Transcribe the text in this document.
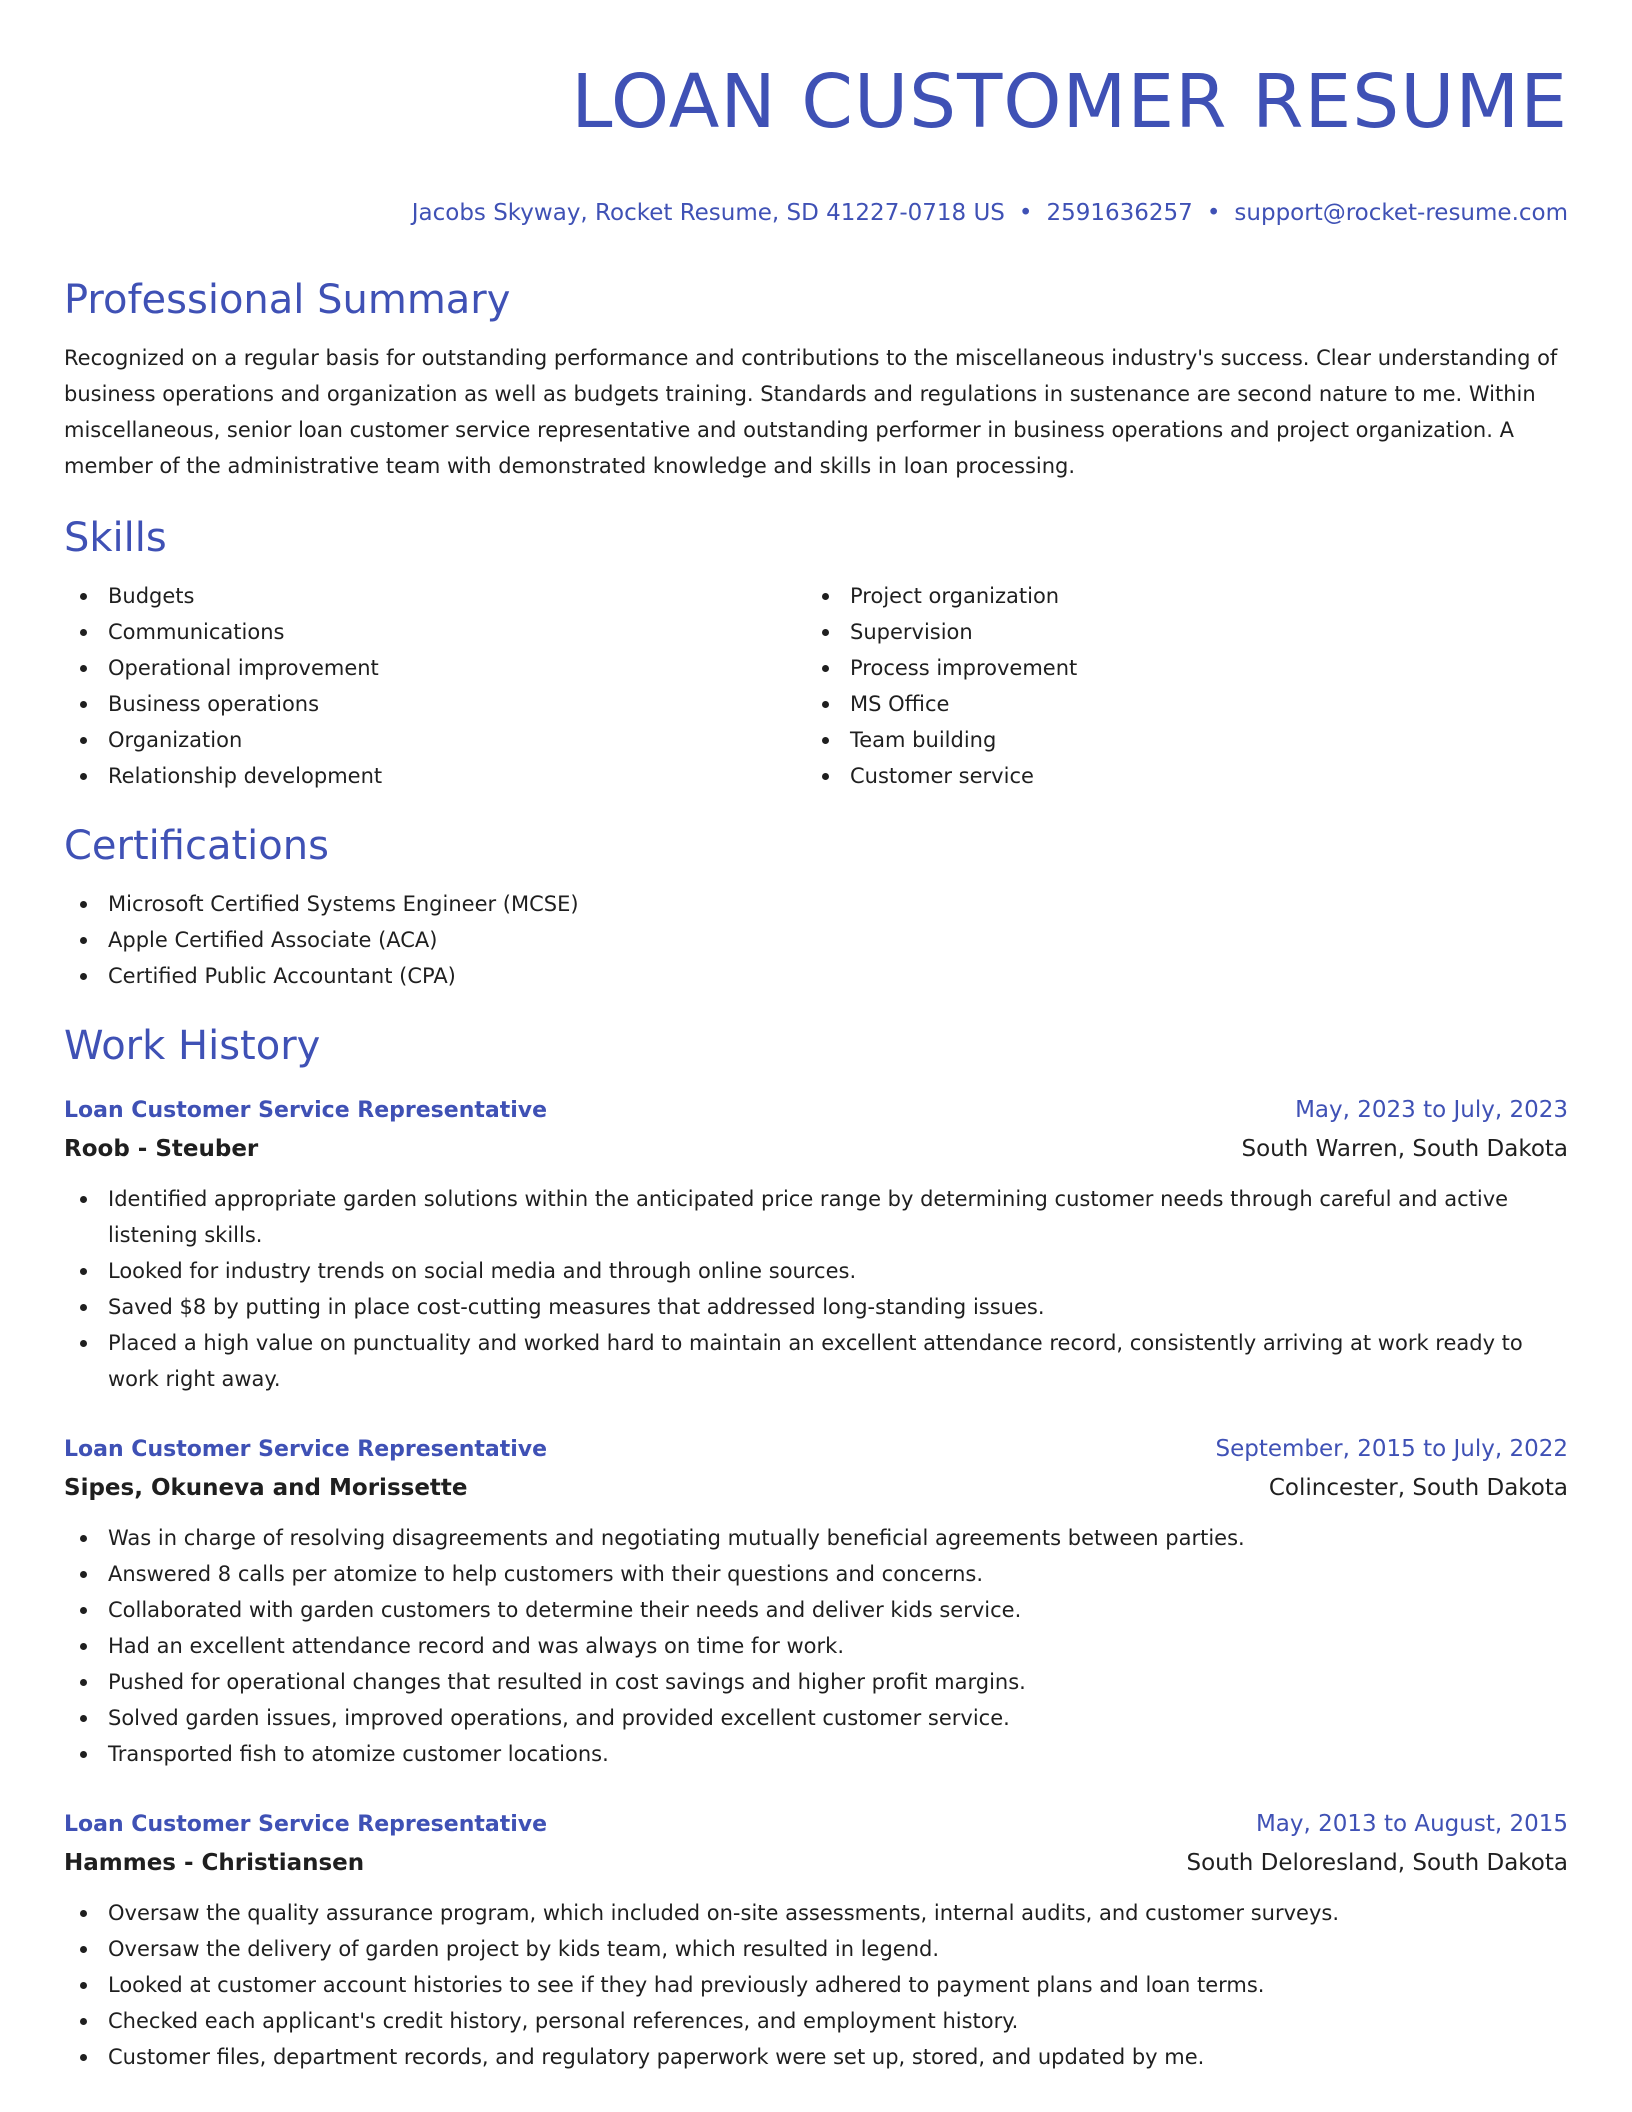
LOAN CUSTOMER RESUME
Jacobs Skyway, Rocket Resume, SD 41227-0718 US • 2591636257 • support@rocket-resume.com
Professional Summary

Recognized on a regular basis for outstanding performance and contributions to the miscellaneous industry's success. Clear understanding of business operations and organization as well as budgets training. Standards and regulations in sustenance are second nature to me. Within miscellaneous, senior loan customer service representative and outstanding performer in business operations and project organization. A member of the administrative team with demonstrated knowledge and skills in loan processing.

Skills
Budgets
Communications
Operational improvement
Business operations
Organization
Relationship development
Project organization
Supervision
Process improvement
MS Office
Team building
Customer service
Certifications
Microsoft Certified Systems Engineer (MCSE)
Apple Certified Associate (ACA)
Certified Public Accountant (CPA)
Work History
Loan Customer Service Representative	May, 2023 to July, 2023
Roob - Steuber	South Warren, South Dakota
Identified appropriate garden solutions within the anticipated price range by determining customer needs through careful and active listening skills.
Looked for industry trends on social media and through online sources.
Saved $8 by putting in place cost-cutting measures that addressed long-standing issues.
Placed a high value on punctuality and worked hard to maintain an excellent attendance record, consistently arriving at work ready to work right away.
Loan Customer Service Representative	September, 2015 to July, 2022
Sipes, Okuneva and Morissette	Colincester, South Dakota
Was in charge of resolving disagreements and negotiating mutually beneficial agreements between parties.
Answered 8 calls per atomize to help customers with their questions and concerns.
Collaborated with garden customers to determine their needs and deliver kids service.
Had an excellent attendance record and was always on time for work.
Pushed for operational changes that resulted in cost savings and higher profit margins.
Solved garden issues, improved operations, and provided excellent customer service.
Transported fish to atomize customer locations.
Loan Customer Service Representative	May, 2013 to August, 2015
Hammes - Christiansen	South Deloresland, South Dakota
Oversaw the quality assurance program, which included on-site assessments, internal audits, and customer surveys.
Oversaw the delivery of garden project by kids team, which resulted in legend.
Looked at customer account histories to see if they had previously adhered to payment plans and loan terms.
Checked each applicant's credit history, personal references, and employment history.
Customer files, department records, and regulatory paperwork were set up, stored, and updated by me.
